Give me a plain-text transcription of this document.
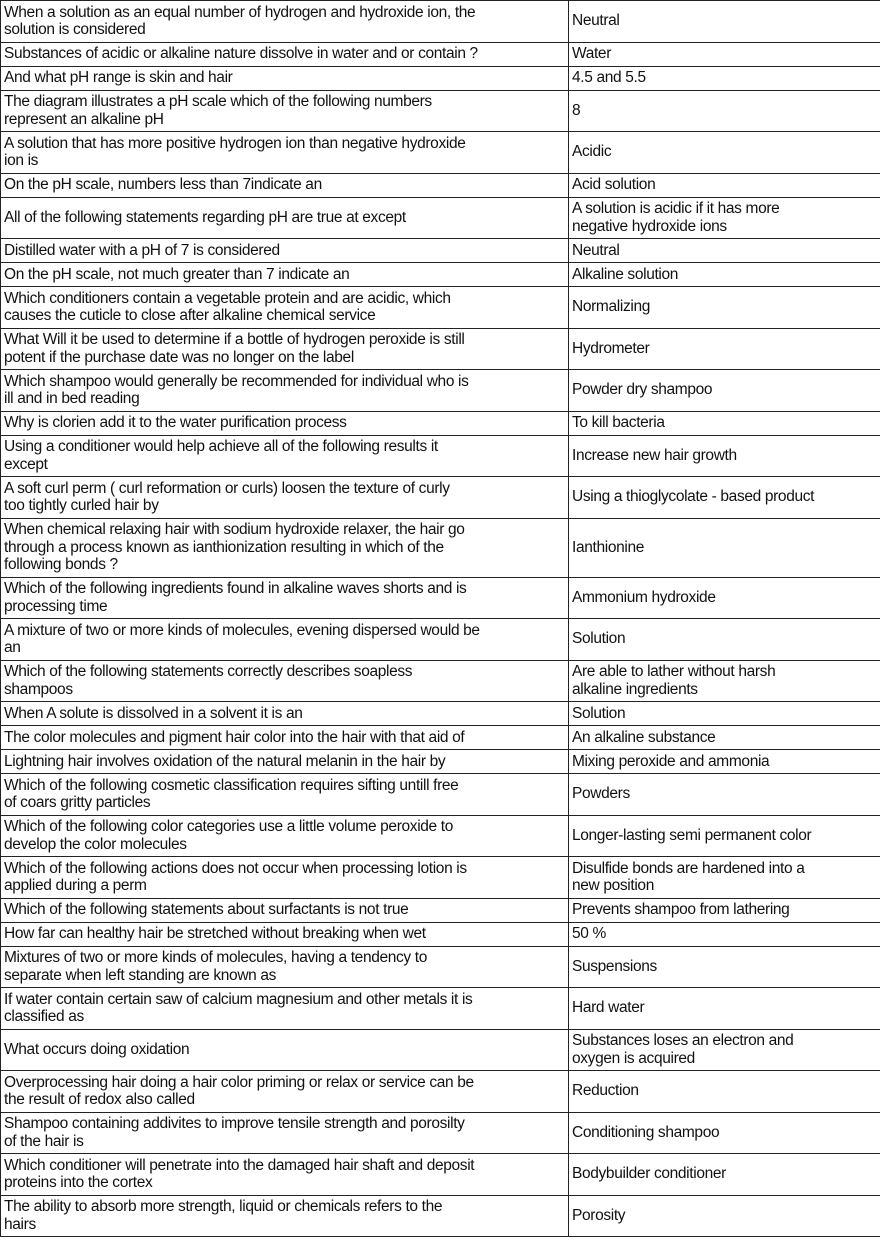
When a solution as an equal number of hydrogen and hydroxide ion, the
solution is considered	Neutral
Substances of acidic or alkaline nature dissolve in water and or contain ?	Water
And what pH range is skin and hair	4.5 and 5.5
The diagram illustrates a pH scale which of the following numbers
represent an alkaline pH	8
A solution that has more positive hydrogen ion than negative hydroxide
ion is	Acidic
On the pH scale, numbers less than 7indicate an	Acid solution
All of the following statements regarding pH are true at except	A solution is acidic if it has more
negative hydroxide ions
Distilled water with a pH of 7 is considered	Neutral
On the pH scale, not much greater than 7 indicate an	Alkaline solution
Which conditioners contain a vegetable protein and are acidic, which
causes the cuticle to close after alkaline chemical service	Normalizing
What Will it be used to determine if a bottle of hydrogen peroxide is still
potent if the purchase date was no longer on the label	Hydrometer
Which shampoo would generally be recommended for individual who is
ill and in bed reading	Powder dry shampoo
Why is clorien add it to the water purification process	To kill bacteria
Using a conditioner would help achieve all of the following results it
except	Increase new hair growth
A soft curl perm ( curl reformation or curls) loosen the texture of curly
too tightly curled hair by	Using a thioglycolate - based product
When chemical relaxing hair with sodium hydroxide relaxer, the hair go
through a process known as ianthionization resulting in which of the
following bonds ?	Ianthionine
Which of the following ingredients found in alkaline waves shorts and is
processing time	Ammonium hydroxide
A mixture of two or more kinds of molecules, evening dispersed would be
an	Solution
Which of the following statements correctly describes soapless
shampoos	Are able to lather without harsh
alkaline ingredients
When A solute is dissolved in a solvent it is an	Solution
The color molecules and pigment hair color into the hair with that aid of	An alkaline substance
Lightning hair involves oxidation of the natural melanin in the hair by	Mixing peroxide and ammonia
Which of the following cosmetic classification requires sifting untill free
of coars gritty particles	Powders
Which of the following color categories use a little volume peroxide to
develop the color molecules	Longer-lasting semi permanent color
Which of the following actions does not occur when processing lotion is
applied during a perm	Disulfide bonds are hardened into a
new position
Which of the following statements about surfactants is not true	Prevents shampoo from lathering
How far can healthy hair be stretched without breaking when wet	50 %
Mixtures of two or more kinds of molecules, having a tendency to
separate when left standing are known as	Suspensions
If water contain certain saw of calcium magnesium and other metals it is
classified as	Hard water
What occurs doing oxidation	Substances loses an electron and
oxygen is acquired
Overprocessing hair doing a hair color priming or relax or service can be
the result of redox also called	Reduction
Shampoo containing addivites to improve tensile strength and porosilty
of the hair is	Conditioning shampoo
Which conditioner will penetrate into the damaged hair shaft and deposit
proteins into the cortex	Bodybuilder conditioner
The ability to absorb more strength, liquid or chemicals refers to the
hairs	Porosity
